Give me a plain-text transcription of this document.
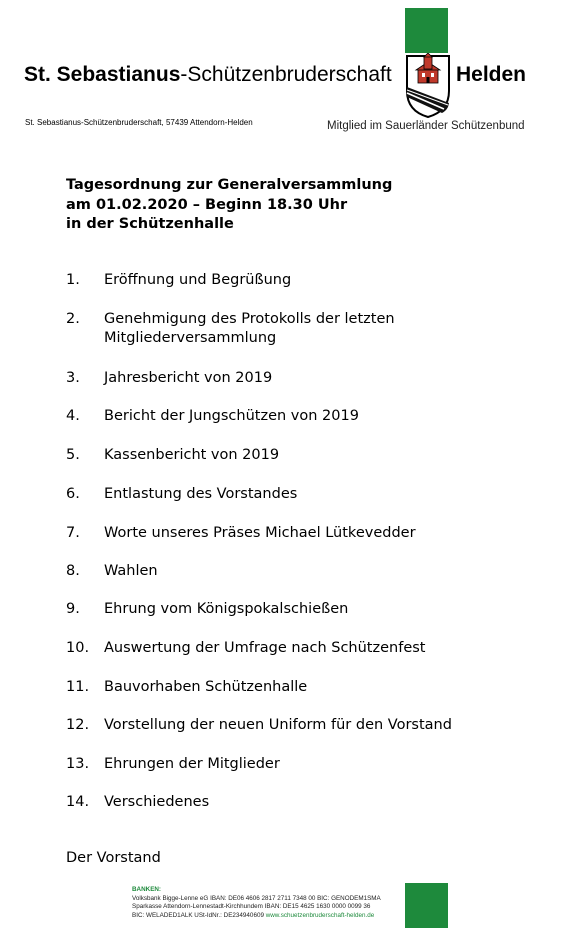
St. Sebastianus-Schützenbruderschaft	Helden
St. Sebastianus-Schützenbruderschaft, 57439 Attendorn-Helden	Mitglied im Sauerländer Schützenbund
Tagesordnung zur Generalversammlung
am 01.02.2020 – Beginn 18.30 Uhr
in der Schützenhalle
1. Eröffnung und Begrüßung
2. Genehmigung des Protokolls der letzten Mitgliederversammlung
3. Jahresbericht von 2019
4. Bericht der Jungschützen von 2019
5. Kassenbericht von 2019
6. Entlastung des Vorstandes
7. Worte unseres Präses Michael Lütkevedder
8. Wahlen
9. Ehrung vom Königspokalschießen
10. Auswertung der Umfrage nach Schützenfest
11. Bauvorhaben Schützenhalle
12. Vorstellung der neuen Uniform für den Vorstand
13. Ehrungen der Mitglieder
14. Verschiedenes
Der Vorstand
BANKEN:
Volksbank Bigge-Lenne eG IBAN: DE06 4606 2817 2711 7348 00 BIC: GENODEM1SMA
Sparkasse Attendorn-Lennestadt-Kirchhundem IBAN: DE15 4625 1630 0000 0099 36
BIC: WELADED1ALK USt-IdNr.: DE234940609 www.schuetzenbruderschaft-helden.de
